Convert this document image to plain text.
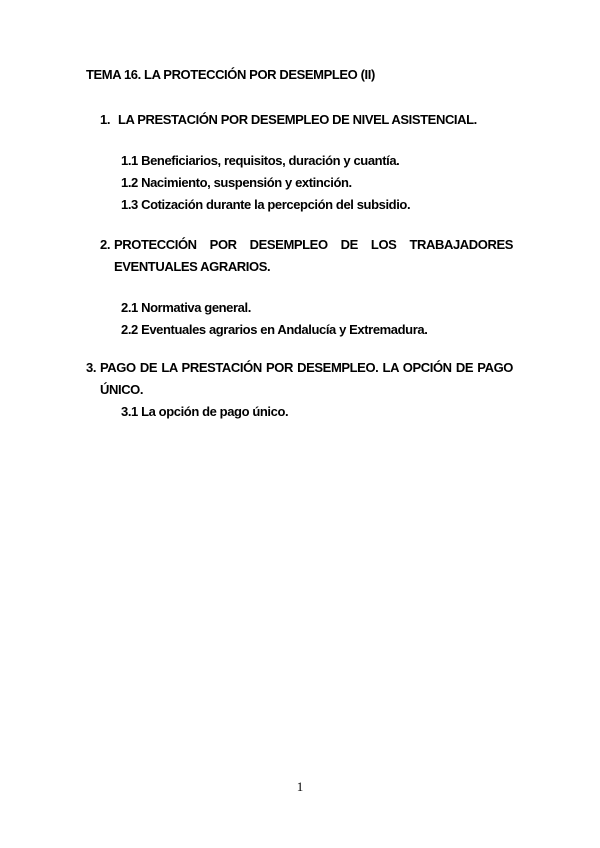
TEMA 16. LA PROTECCIÓN POR DESEMPLEO (II)
1. LA PRESTACIÓN POR DESEMPLEO DE NIVEL ASISTENCIAL.
1.1 Beneficiarios, requisitos, duración y cuantía.
1.2 Nacimiento, suspensión y extinción.
1.3 Cotización durante la percepción del subsidio.
2. PROTECCIÓN POR DESEMPLEO DE LOS TRABAJADORES
EVENTUALES AGRARIOS.
2.1 Normativa general.
2.2 Eventuales agrarios en Andalucía y Extremadura.
3. PAGO DE LA PRESTACIÓN POR DESEMPLEO. LA OPCIÓN DE PAGO
ÚNICO.
3.1 La opción de pago único.
1
